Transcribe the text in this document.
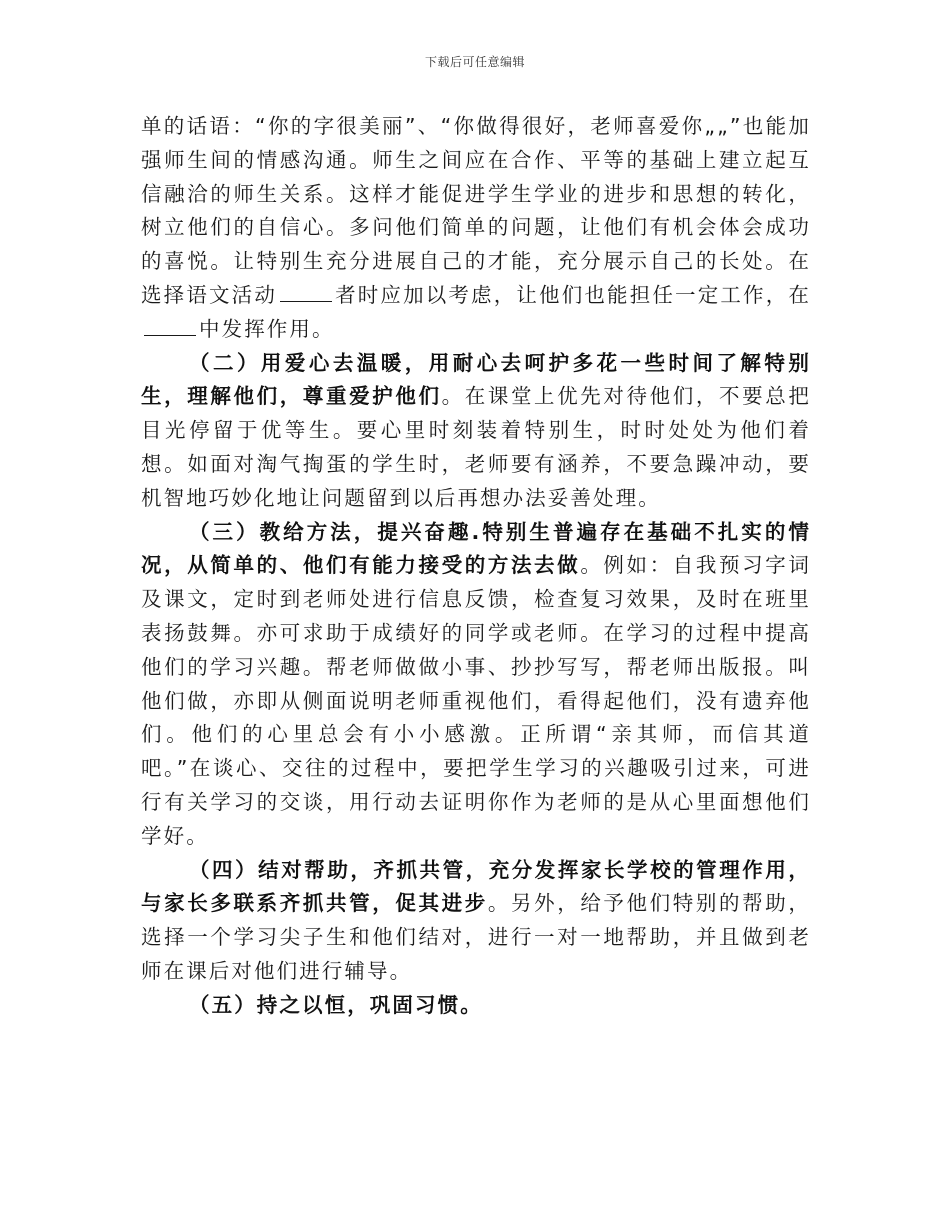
下载后可任意编辑

单的话语：“你的字很美丽”、“你做得很好，老师喜爱你„„”也能加强师生间的情感沟通。师生之间应在合作、平等的基础上建立起互信融洽的师生关系。这样才能促进学生学业的进步和思想的转化，树立他们的自信心。多问他们简单的问题，让他们有机会体会成功的喜悦。让特别生充分进展自己的才能，充分展示自己的长处。在选择语文活动	者时应加以考虑，让他们也能担任一定工作，在中发挥作用。

（二）用爱心去温暖，用耐心去呵护多花一些时间了解特别生，理解他们，尊重爱护他们。在课堂上优先对待他们，不要总把目光停留于优等生。要心里时刻装着特别生，时时处处为他们着想。如面对淘气掏蛋的学生时，老师要有涵养，不要急躁冲动，要机智地巧妙化地让问题留到以后再想办法妥善处理。

（三）教给方法，提兴奋趣.特别生普遍存在基础不扎实的情况，从简单的、他们有能力接受的方法去做。例如：自我预习字词及课文，定时到老师处进行信息反馈，检查复习效果，及时在班里表扬鼓舞。亦可求助于成绩好的同学或老师。在学习的过程中提高他们的学习兴趣。帮老师做做小事、抄抄写写，帮老师出版报。叫他们做，亦即从侧面说明老师重视他们，看得起他们，没有遗弃他们。他们的心里总会有小小感激。正所谓“亲其师，而信其道吧。”在谈心、交往的过程中，要把学生学习的兴趣吸引过来，可进行有关学习的交谈，用行动去证明你作为老师的是从心里面想他们学好。

（四）结对帮助，齐抓共管，充分发挥家长学校的管理作用，与家长多联系齐抓共管，促其进步。另外，给予他们特别的帮助，选择一个学习尖子生和他们结对，进行一对一地帮助，并且做到老师在课后对他们进行辅导。

（五）持之以恒，巩固习惯。
